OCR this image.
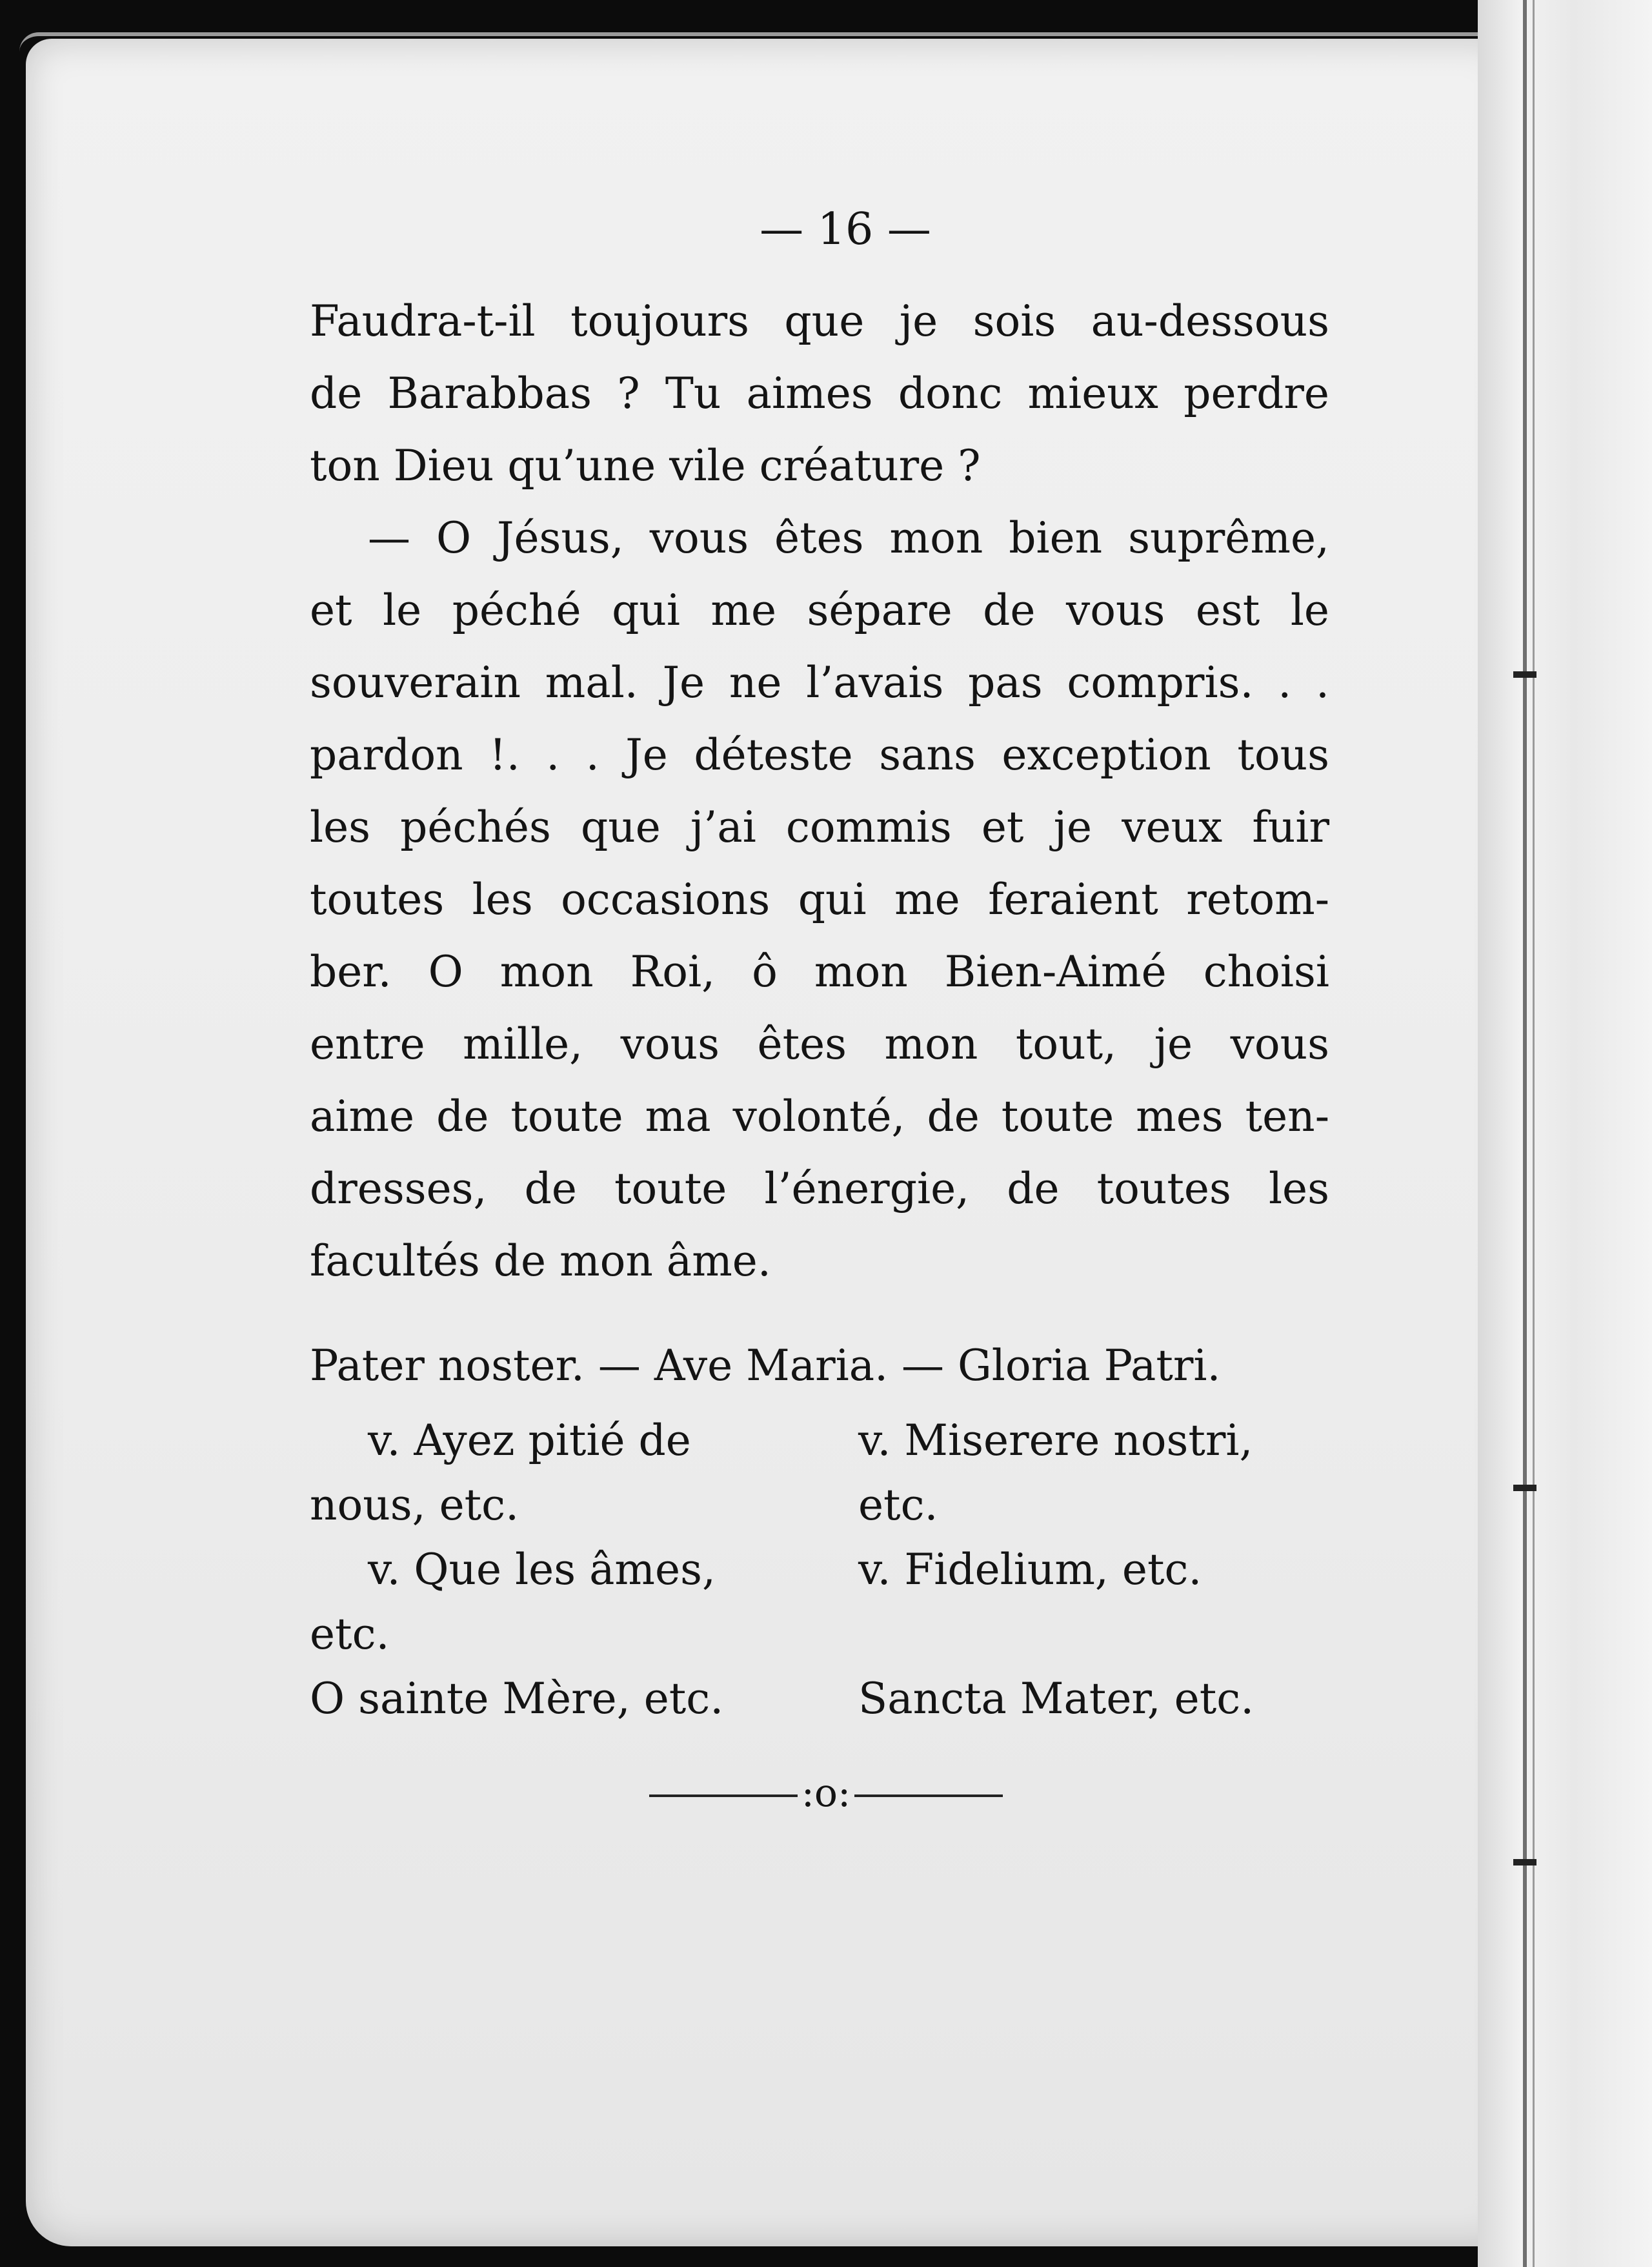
— 16 —

Faudra-t-il toujours que je sois au-dessous
de Barabbas ? Tu aimes donc mieux perdre
ton Dieu qu’une vile créature ?

— O Jésus, vous êtes mon bien suprême,
et le péché qui me sépare de vous est le
souverain mal. Je ne l’avais pas compris. . .
pardon !. . . Je déteste sans exception tous
les péchés que j’ai commis et je veux fuir
toutes les occasions qui me feraient retom-
ber. O mon Roi, ô mon Bien-Aimé choisi
entre mille, vous êtes mon tout, je vous
aime de toute ma volonté, de toute mes ten-
dresses, de toute l’énergie, de toutes les
facultés de mon âme.

Pater noster. — Ave Maria. — Gloria Patri.
v. Ayez pitié de
nous, etc.
v. Miserere nostri,
etc.
v. Que les âmes,
etc.
v. Fidelium, etc.
O sainte Mère, etc.	Sancta Mater, etc.
:o:
